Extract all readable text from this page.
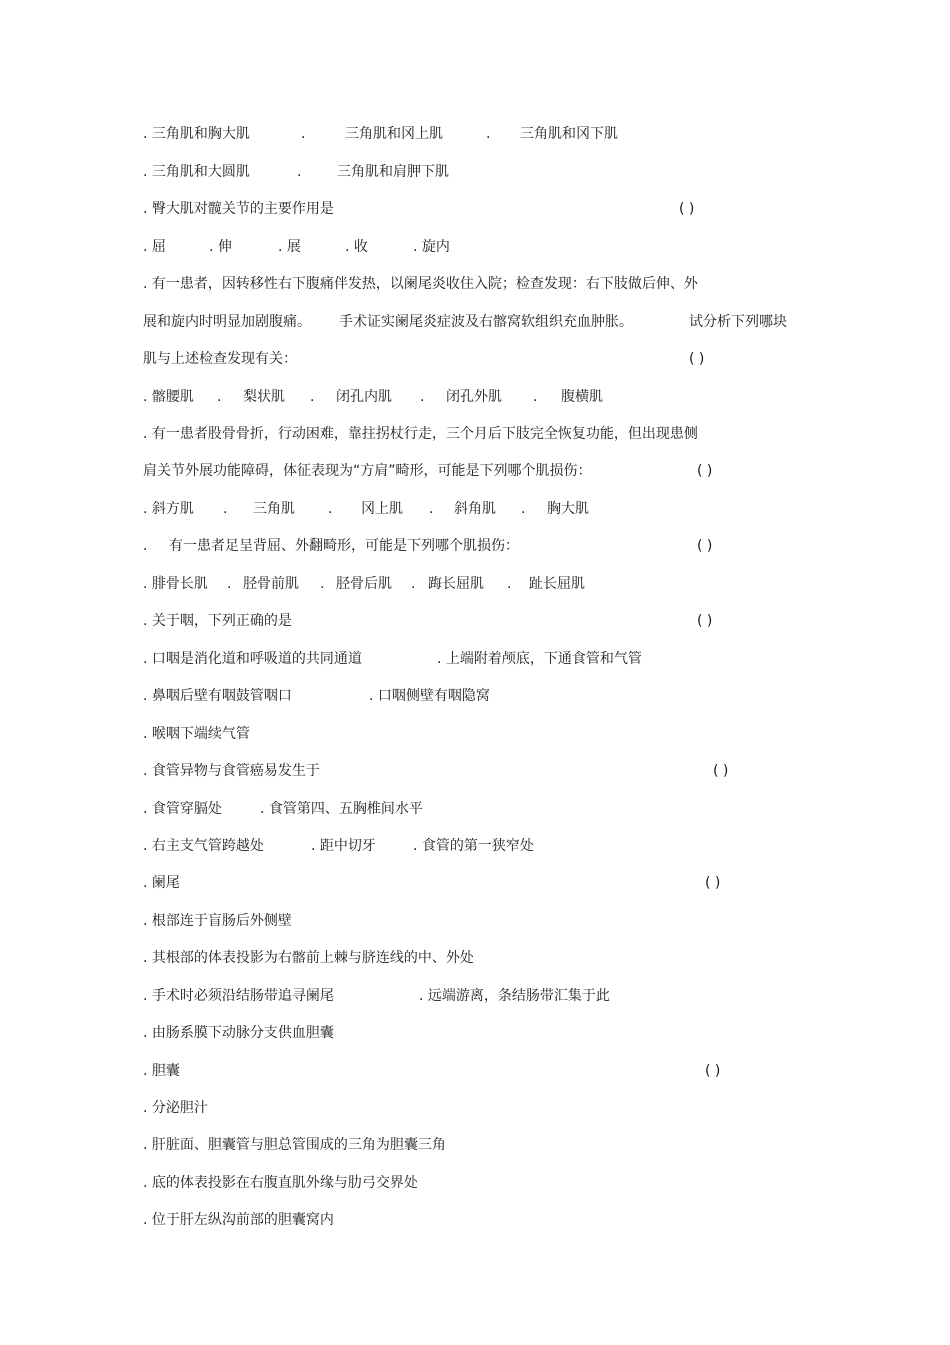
. 三角肌和胸大肌	.	三角肌和冈上肌	. 三角肌和冈下肌
. 三角肌和大圆肌	.	三角肌和肩胛下肌
. 臀大肌对髋关节的主要作用是	( )
. 屈	. 伸	. 展	. 收	. 旋内
. 有一患者，因转移性右下腹痛伴发热，以阑尾炎收住入院；检查发现：右下肢做后伸、外
展和旋内时明显加剧腹痛。 手术证实阑尾炎症波及右髂窝软组织充血肿胀。	试分析下列哪块
肌与上述检查发现有关：	( )
. 髂腰肌 . 梨状肌 . 闭孔内肌 . 闭孔外肌 . 腹横肌
. 有一患者股骨骨折，行动困难，靠拄拐杖行走，三个月后下肢完全恢复功能，但出现患侧
肩关节外展功能障碍，体征表现为“方肩”畸形，可能是下列哪个肌损伤：	( )
. 斜方肌 . 三角肌 . 冈上肌 . 斜角肌 . 胸大肌
. 有一患者足呈背屈、外翻畸形，可能是下列哪个肌损伤：	( )
. 腓骨长肌 . 胫骨前肌 . 胫骨后肌 . 踇长屈肌 . 趾长屈肌
. 关于咽，下列正确的是	( )
. 口咽是消化道和呼吸道的共同通道	. 上端附着颅底，下通食管和气管
. 鼻咽后壁有咽鼓管咽口	. 口咽侧壁有咽隐窝
. 喉咽下端续气管
. 食管异物与食管癌易发生于	( )
. 食管穿膈处	. 食管第四、五胸椎间水平
. 右主支气管跨越处	. 距中切牙	. 食管的第一狭窄处
. 阑尾	( )
. 根部连于盲肠后外侧壁
. 其根部的体表投影为右髂前上棘与脐连线的中、外处
. 手术时必须沿结肠带追寻阑尾	. 远端游离，条结肠带汇集于此
. 由肠系膜下动脉分支供血胆囊
. 胆囊	( )
. 分泌胆汁
. 肝脏面、胆囊管与胆总管围成的三角为胆囊三角
. 底的体表投影在右腹直肌外缘与肋弓交界处
. 位于肝左纵沟前部的胆囊窝内
